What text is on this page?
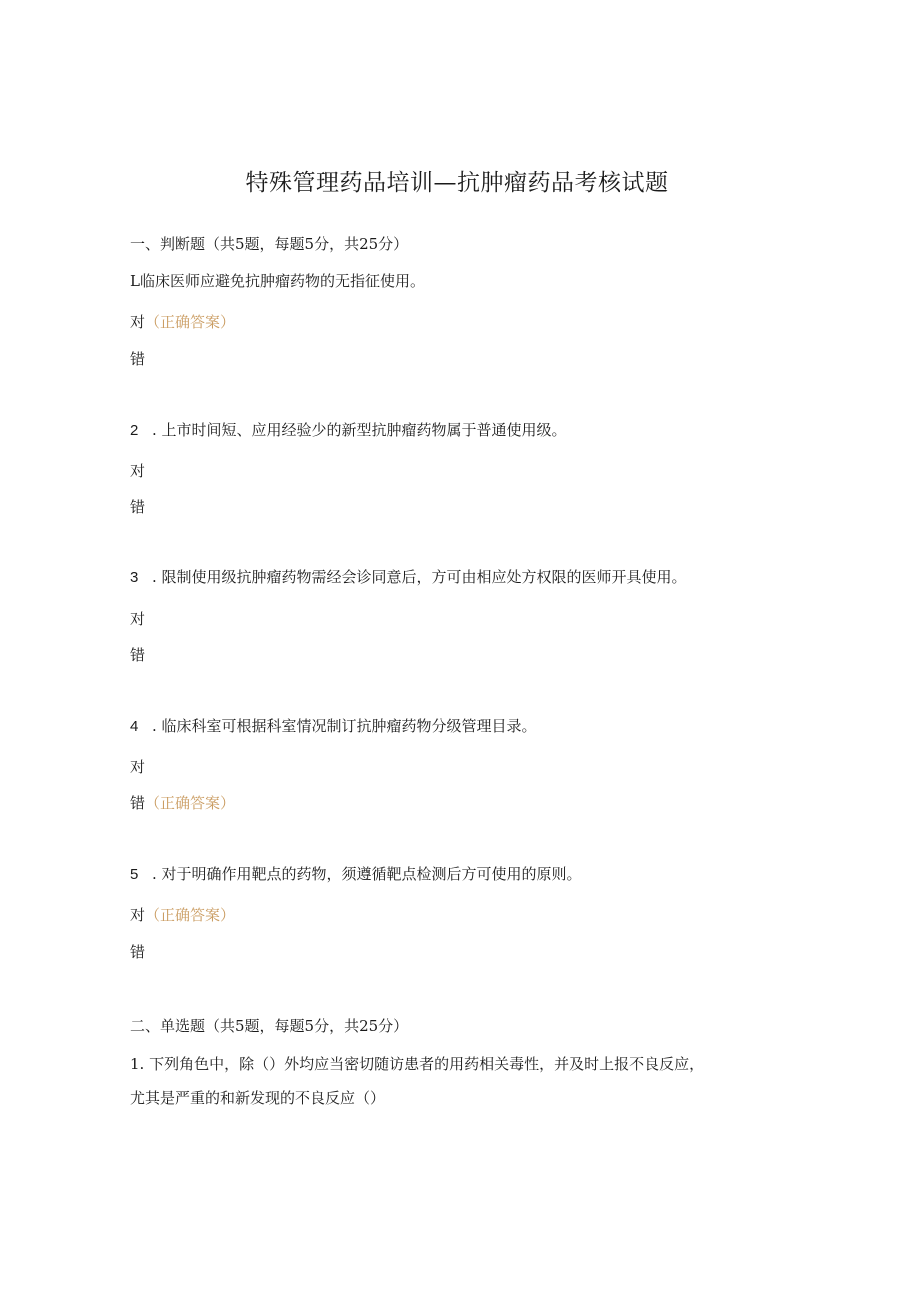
特殊管理药品培训—抗肿瘤药品考核试题
一、判断题（共5题，每题5分，共25分）
L临床医师应避免抗肿瘤药物的无指征使用。
对（正确答案）
错
2 . 上市时间短、应用经验少的新型抗肿瘤药物属于普通使用级。
对
错
3 . 限制使用级抗肿瘤药物需经会诊同意后，方可由相应处方权限的医师开具使用。
对
错
4 . 临床科室可根据科室情况制订抗肿瘤药物分级管理目录。
对
错（正确答案）
5 . 对于明确作用靶点的药物，须遵循靶点检测后方可使用的原则。
对（正确答案）
错
二、单选题（共5题，每题5分，共25分）
1. 下列角色中，除（）外均应当密切随访患者的用药相关毒性，并及时上报不良反应，
尤其是严重的和新发现的不良反应（）
